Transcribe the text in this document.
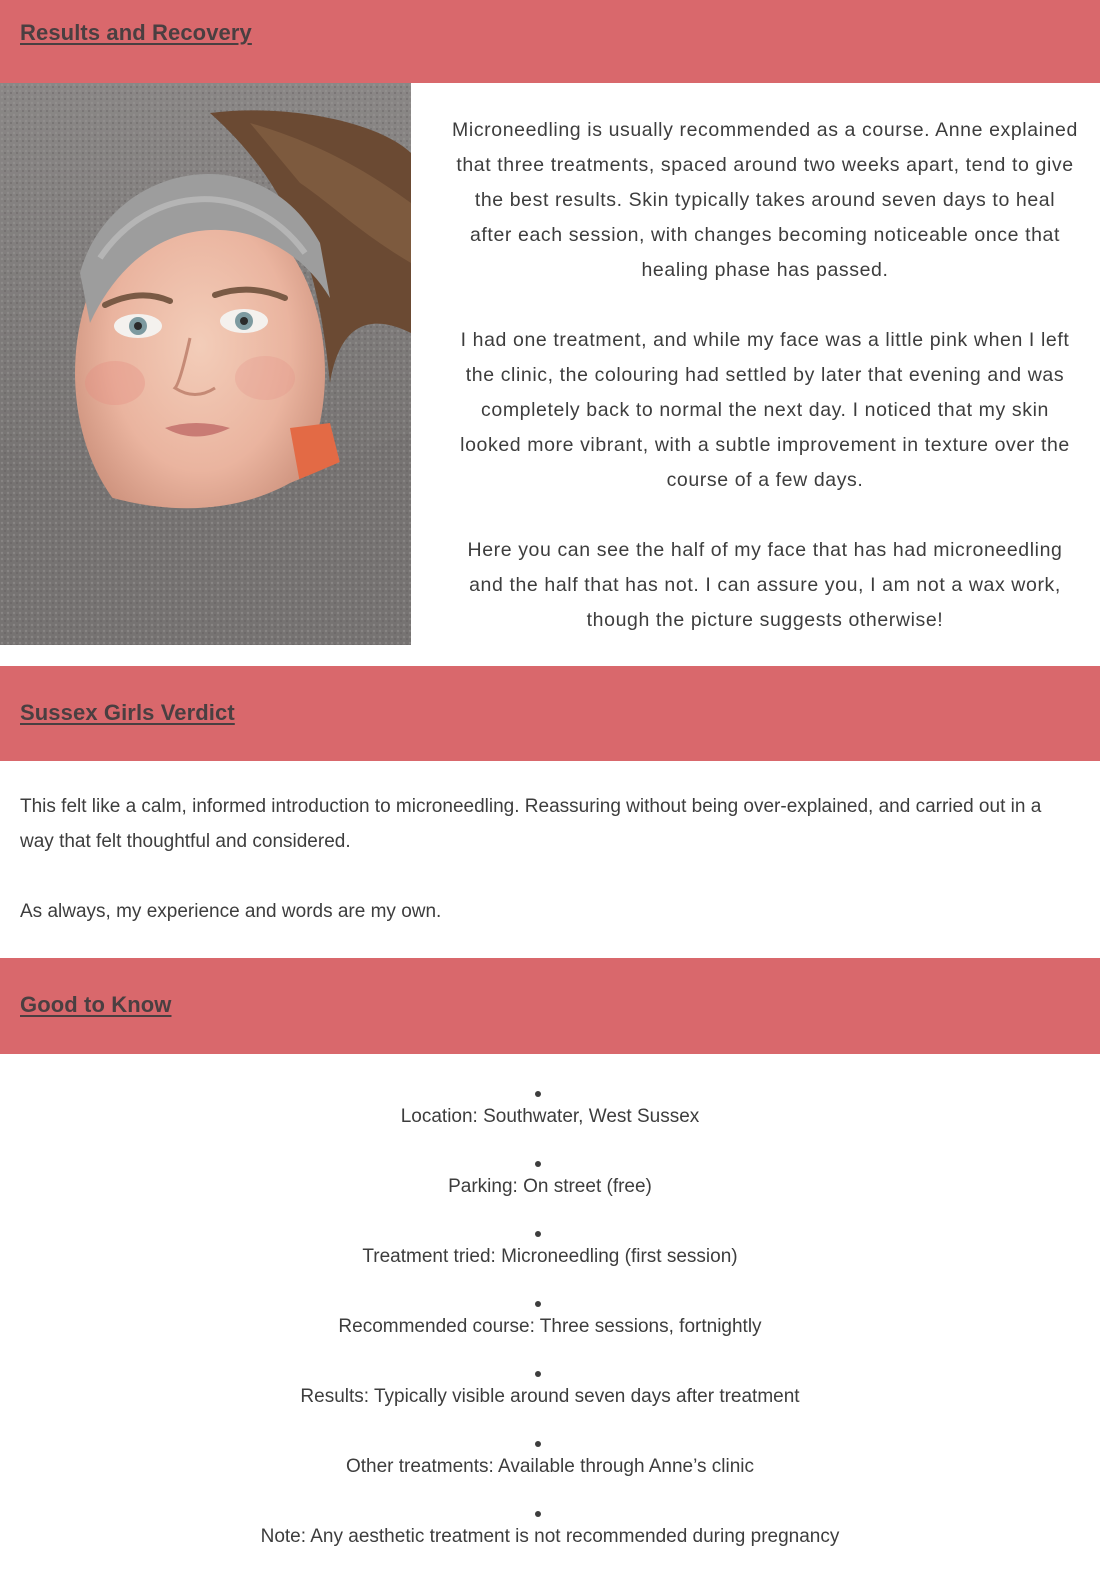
Results and Recovery

Microneedling is usually recommended as a course. Anne explained that three treatments, spaced around two weeks apart, tend to give the best results. Skin typically takes around seven days to heal after each session, with changes becoming noticeable once that healing phase has passed.

I had one treatment, and while my face was a little pink when I left the clinic, the colouring had settled by later that evening and was completely back to normal the next day. I noticed that my skin looked more vibrant, with a subtle improvement in texture over the course of a few days.

Here you can see the half of my face that has had microneedling and the half that has not. I can assure you, I am not a wax work, though the picture suggests otherwise!

Sussex Girls Verdict

This felt like a calm, informed introduction to microneedling. Reassuring without being over-explained, and carried out in a way that felt thoughtful and considered.

As always, my experience and words are my own.

Good to Know
Location: Southwater, West Sussex
Parking: On street (free)
Treatment tried: Microneedling (first session)
Recommended course: Three sessions, fortnightly
Results: Typically visible around seven days after treatment
Other treatments: Available through Anne’s clinic
Note: Any aesthetic treatment is not recommended during pregnancy
